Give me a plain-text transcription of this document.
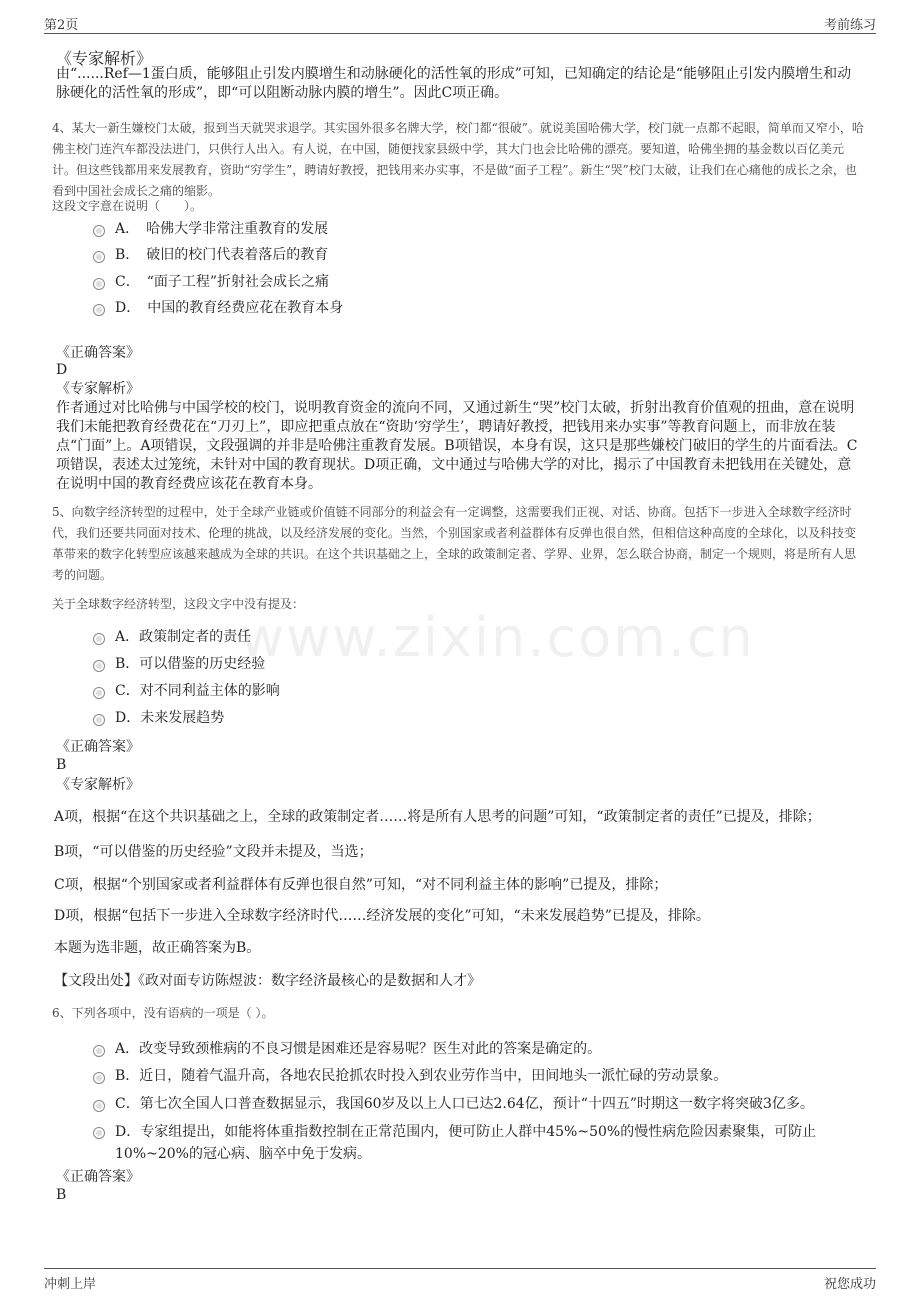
第2页	考前练习
www.zixin.com.cn
《专家解析》

由“......Ref—1蛋白质，能够阻止引发内膜增生和动脉硬化的活性氧的形成”可知，已知确定的结论是“能够阻止引发内膜增生和动脉硬化的活性氧的形成”，即“可以阻断动脉内膜的增生”。因此C项正确。

4、某大一新生嫌校门太破，报到当天就哭求退学。其实国外很多名牌大学，校门都“很破”。就说美国哈佛大学，校门就一点都不起眼，简单而又窄小，哈佛主校门连汽车都没法进门，只供行人出入。有人说，在中国，随便找家县级中学，其大门也会比哈佛的漂亮。要知道，哈佛坐拥的基金数以百亿美元计。但这些钱都用来发展教育，资助“穷学生”，聘请好教授，把钱用来办实事，不是做“面子工程”。新生“哭”校门太破，让我们在心痛他的成长之余，也看到中国社会成长之痛的缩影。

这段文字意在说明（　　）。
A．　哈佛大学非常注重教育的发展
B．　破旧的校门代表着落后的教育
C．　“面子工程”折射社会成长之痛
D．　中国的教育经费应花在教育本身
《正确答案》
D
《专家解析》

作者通过对比哈佛与中国学校的校门，说明教育资金的流向不同，又通过新生“哭”校门太破，折射出教育价值观的扭曲，意在说明我们未能把教育经费花在“刀刃上”，即应把重点放在“资助‘穷学生’，聘请好教授，把钱用来办实事”等教育问题上，而非放在装点“门面”上。A项错误，文段强调的并非是哈佛注重教育发展。B项错误，本身有误，这只是那些嫌校门破旧的学生的片面看法。C项错误，表述太过笼统，未针对中国的教育现状。D项正确，文中通过与哈佛大学的对比，揭示了中国教育未把钱用在关键处，意在说明中国的教育经费应该花在教育本身。

5、向数字经济转型的过程中，处于全球产业链或价值链不同部分的利益会有一定调整，这需要我们正视、对话、协商。包括下一步进入全球数字经济时代，我们还要共同面对技术、伦理的挑战，以及经济发展的变化。当然，个别国家或者利益群体有反弹也很自然，但相信这种高度的全球化，以及科技变革带来的数字化转型应该越来越成为全球的共识。在这个共识基础之上，全球的政策制定者、学界、业界，怎么联合协商，制定一个规则，将是所有人思考的问题。

关于全球数字经济转型，这段文字中没有提及：
A．政策制定者的责任
B．可以借鉴的历史经验
C．对不同利益主体的影响
D．未来发展趋势
《正确答案》
B
《专家解析》
A项，根据“在这个共识基础之上，全球的政策制定者……将是所有人思考的问题”可知，“政策制定者的责任”已提及，排除；
B项，“可以借鉴的历史经验”文段并未提及，当选；
C项，根据“个别国家或者利益群体有反弹也很自然”可知，“对不同利益主体的影响”已提及，排除；
D项，根据“包括下一步进入全球数字经济时代……经济发展的变化”可知，“未来发展趋势”已提及，排除。
本题为选非题，故正确答案为B。
【文段出处】《政对面专访陈煜波：数字经济最核心的是数据和人才》
6、下列各项中，没有语病的一项是（ ）。
A．改变导致颈椎病的不良习惯是困难还是容易呢？医生对此的答案是确定的。
B．近日，随着气温升高，各地农民抢抓农时投入到农业劳作当中，田间地头一派忙碌的劳动景象。
C．第七次全国人口普查数据显示，我国60岁及以上人口已达2.64亿，预计“十四五”时期这一数字将突破3亿多。
D．专家组提出，如能将体重指数控制在正常范围内，便可防止人群中45%~50%的慢性病危险因素聚集，可防止10%~20%的冠心病、脑卒中免于发病。
《正确答案》
B
冲刺上岸	祝您成功
